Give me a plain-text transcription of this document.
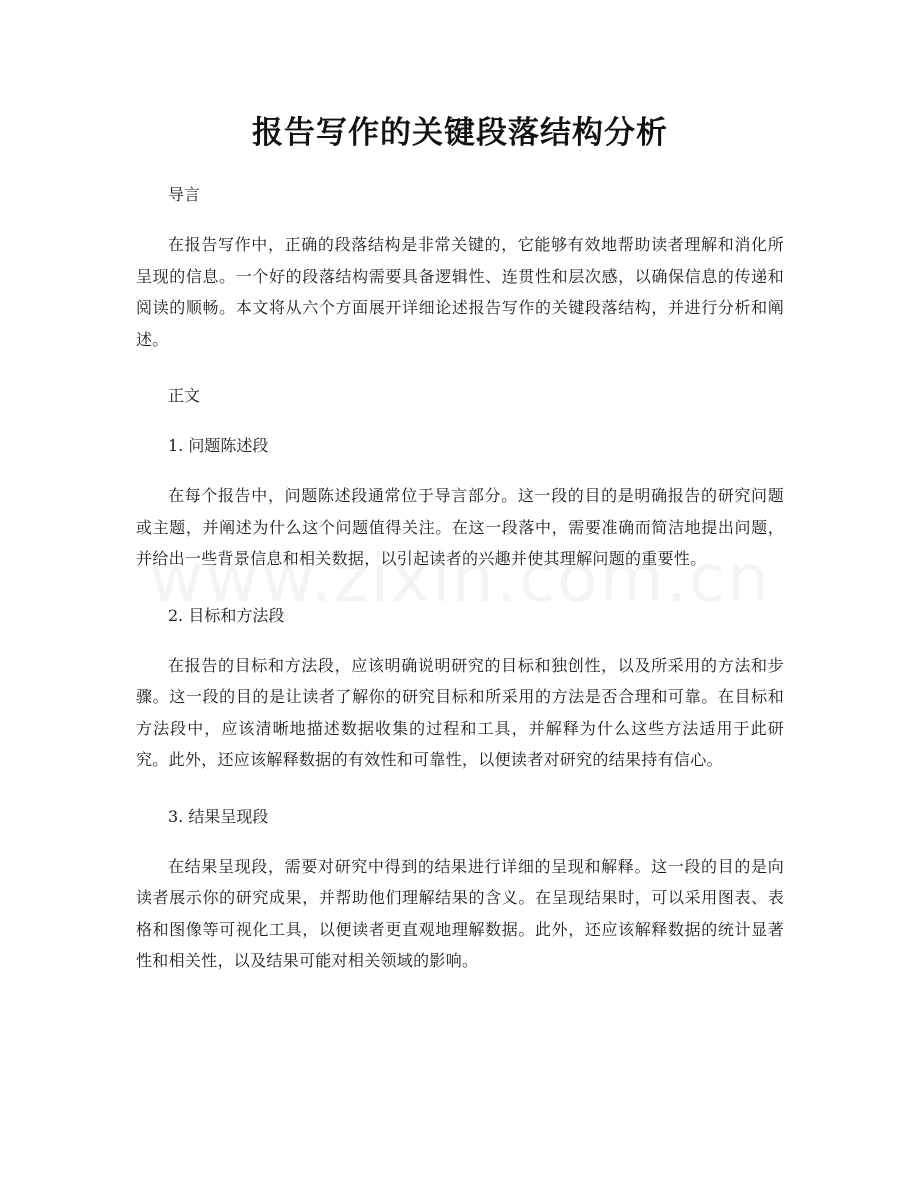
报告写作的关键段落结构分析

导言

在报告写作中，正确的段落结构是非常关键的，它能够有效地帮助读者理解和消化所呈现的信息。一个好的段落结构需要具备逻辑性、连贯性和层次感，以确保信息的传递和阅读的顺畅。本文将从六个方面展开详细论述报告写作的关键段落结构，并进行分析和阐述。

正文

1. 问题陈述段

在每个报告中，问题陈述段通常位于导言部分。这一段的目的是明确报告的研究问题或主题，并阐述为什么这个问题值得关注。在这一段落中，需要准确而简洁地提出问题，并给出一些背景信息和相关数据，以引起读者的兴趣并使其理解问题的重要性。

2. 目标和方法段

在报告的目标和方法段，应该明确说明研究的目标和独创性，以及所采用的方法和步骤。这一段的目的是让读者了解你的研究目标和所采用的方法是否合理和可靠。在目标和方法段中，应该清晰地描述数据收集的过程和工具，并解释为什么这些方法适用于此研究。此外，还应该解释数据的有效性和可靠性，以便读者对研究的结果持有信心。

3. 结果呈现段

在结果呈现段，需要对研究中得到的结果进行详细的呈现和解释。这一段的目的是向读者展示你的研究成果，并帮助他们理解结果的含义。在呈现结果时，可以采用图表、表格和图像等可视化工具，以便读者更直观地理解数据。此外，还应该解释数据的统计显著性和相关性，以及结果可能对相关领域的影响。
